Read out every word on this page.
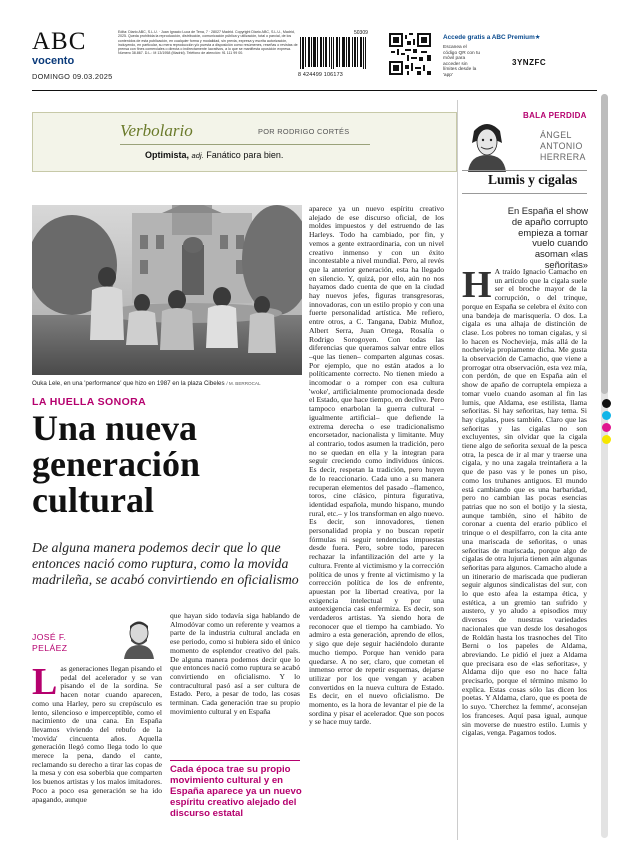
ABC
vocento
DOMINGO 09.03.2025
Edita: Diario ABC, S.L.U. · Juan Ignacio Luca de Tena, 7 · 28027 Madrid. Copyright Diario ABC, S.L.U., Madrid, 2025. Queda prohibida la reproducción, distribución, comunicación pública y utilización, total o parcial, de los contenidos de esta publicación, en cualquier forma y modalidad, sin previa, expresa y escrita autorización, incluyendo, en particular, su mera reproducción y/o puesta a disposición como resúmenes, reseñas o revistas de prensa con fines comerciales o directa o indirectamente lucrativos, a lo que se manifiesta oposición expresa. Número 38.867. D.L.: M 13/1958 (Madrid). Teléfono de atención: 91 111 99 00.
50309
8 424499 106173
Accede gratis a ABC Premium★
Escanea el código QR con tu móvil para acceder sin límites desde la 'app'
3YNZFC
Verbolario	POR RODRIGO CORTÉS
Optimista, adj. Fanático para bien.
Ouka Lele, en una 'performance' que hizo en 1987 en la plaza Cibeles / M. BERROCAL
LA HUELLA SONORA
Una nueva generación cultural
De alguna manera podemos decir que lo que entonces nació como ruptura, como la movida madrileña, se acabó convirtiendo en oficialismo
JOSÉ F.
PELÁEZ
Las generaciones llegan pisando el pedal del acelerador y se van pisando el de la sordina. Se hacen notar cuando aparecen, como una Harley, pero su crepúsculo es lento, silencioso e imperceptible, como el nacimiento de una cana. En España llevamos viviendo del rebufo de la 'movida' cincuenta años. Aquella generación llegó como llega todo lo que merece la pena, dando el cante, reclamando su derecho a tirar las copas de la mesa y con esa soberbia que comparten los buenos artistas y los malos imitadores. Poco a poco esa generación se ha ido apagando, aunque
que hayan sido todavía siga hablando de Almodóvar como un referente y veamos a parte de la industria cultural anclada en ese periodo, como si hubiera sido el único momento de esplendor creativo del país. De alguna manera podemos decir que lo que entonces nació como ruptura se acabó convirtiendo en oficialismo. Y lo contracultural pasó así a ser cultura de Estado. Pero, a pesar de todo, las cosas terminan. Cada generación trae su propio movimiento cultural y en España
Cada época trae su propio movimiento cultural y en España aparece ya un nuevo espíritu creativo alejado del discurso estatal
aparece ya un nuevo espíritu creativo alejado de ese discurso oficial, de los moldes impuestos y del estruendo de las Harleys. Todo ha cambiado, por fin, y vemos a gente extraordinaria, con un nivel creativo inmenso y con un éxito incontestable a nivel mundial. Pero, al revés que la anterior generación, esta ha llegado en silencio. Y, quizá, por ello, aún no nos hayamos dado cuenta de que en la ciudad hay nuevos jefes, figuras transgresoras, innovadoras, con un estilo propio y con una fuerte personalidad artística. Me refiero, entre otros, a C. Tangana, Dabiz Muñoz, Albert Serra, Juan Ortega, Rosalía o Rodrigo Sorogoyen. Con todas las diferencias que queramos salvar entre ellos –que las tienen– comparten algunas cosas. Por ejemplo, que no están atados a lo políticamente correcto. No tienen miedo a incomodar o a romper con esa cultura 'woke', artificialmente promocionada desde el Estado, que hace tiempo, en declive. Pero tampoco enarbolan la guerra cultural –igualmente artificial– que defiende la extrema derecha o ese tradicionalismo encorsetador, nacionalista y limitante. Muy al contrario, todos asumen la tradición, pero no se quedan en ella y la integran para seguir creciendo como individuos únicos. Es decir, respetan la tradición, pero huyen de lo reaccionario. Cada uno a su manera recuperan elementos del pasado –flamenco, toros, cine clásico, pintura figurativa, identidad española, mundo hispano, mundo rural, etc.– y los transforman en algo nuevo. Es decir, son innovadores, tienen personalidad propia y no buscan repetir fórmulas ni seguir tendencias impuestas desde fuera. Pero, sobre todo, parecen rechazar la infantilización del arte y la cultura. Frente al victimismo y la corrección política de unos y frente al victimismo y la corrección política de los de enfrente, apuestan por la libertad creativa, por la exigencia intelectual y por una autoexigencia casi enfermiza. Es decir, son verdaderos artistas. Ya siendo hora de reconocer que el tiempo ha cambiado. Yo admiro a esta generación, aprendo de ellos, y sigo que deje seguir haciéndolo durante mucho tiempo. Porque han venido para quedarse. A no ser, claro, que cometan el inmenso error de repetir esquemas, dejarse utilizar por los que vengan y acaben convertidos en la nueva cultura de Estado. Es decir, en el nuevo oficialismo. De momento, es la hora de levantar el pie de la sordina y pisar el acelerador. Que son pocos y se hace muy tarde.
BALA PERDIDA
ÁNGEL
ANTONIO
HERRERA
Lumis y cigalas
En España el show de apaño corrupto empieza a tomar vuelo cuando asoman «las señoritas»
H A traído Ignacio Camacho en un artículo que la cigala suele ser el broche mayor de la corrupción, o del trinque, porque en España se celebra el éxito con una bandeja de marisquería. O dos. La cigala es una alhaja de distinción de clase. Los pobres no toman cigalas, y si lo hacen es Nochevieja, más allá de la nochevieja propiamente dicha. Me gusta la observación de Camacho, que viene a prorrogar otra observación, esta vez mía, con perdón, de que en España aún el show de apaño de corruptela empieza a tomar vuelo cuando asoman al fin las lumis, que Aldama, ese estilista, llama señoritas. Si hay señoritas, hay tema. Si hay cigalas, pues también. Claro que las señoritas y las cigalas no son excluyentes, sin olvidar que la cigala tiene algo de señorita sexual de la pesca otra, la pesca de ir al mar y traerse una cigala, y no una zagala treintañera a la que de paso vas y le pones un piso, como los truhanes antiguos. El mundo está cambiando que es una barbaridad, pero no cambian las pocas esencias patrias que no son el botijo y la siesta, aunque también, sino el hábito de coronar a cuenta del erario público el trinque o el despilfarro, con la cita ante una mariscada de señoritas, o unas señoritas de mariscada, porque algo de cigalas de otra lujuria tienen aún algunas señoritas para algunos. Camacho alude a un itinerario de mariscada que pudieran seguir algunos sindicalistas del sur, con lo que esto afea la estampa ética, y estética, a un gremio tan sufrido y austero, y yo aludo a episodios muy diversos de nuestras variedades nacionales que van desde los desahogos de Roldán hasta los trasnoches del Tito Berni o los papeles de Aldama, abreviando. Le pidió el juez a Aldama que precisara eso de «las señoritas», y Aldama dijo que eso no hace falta precisarlo, porque el término mismo lo explica. Estas cosas sólo las dicen los poetas. Y Aldama, claro, que es poeta de lo suyo. 'Cherchez la femme', aconsejan los franceses. Aquí pasa igual, aunque sin moverse de nuestro estilo. Lumis y cigalas, venga. Pagamos todos.
